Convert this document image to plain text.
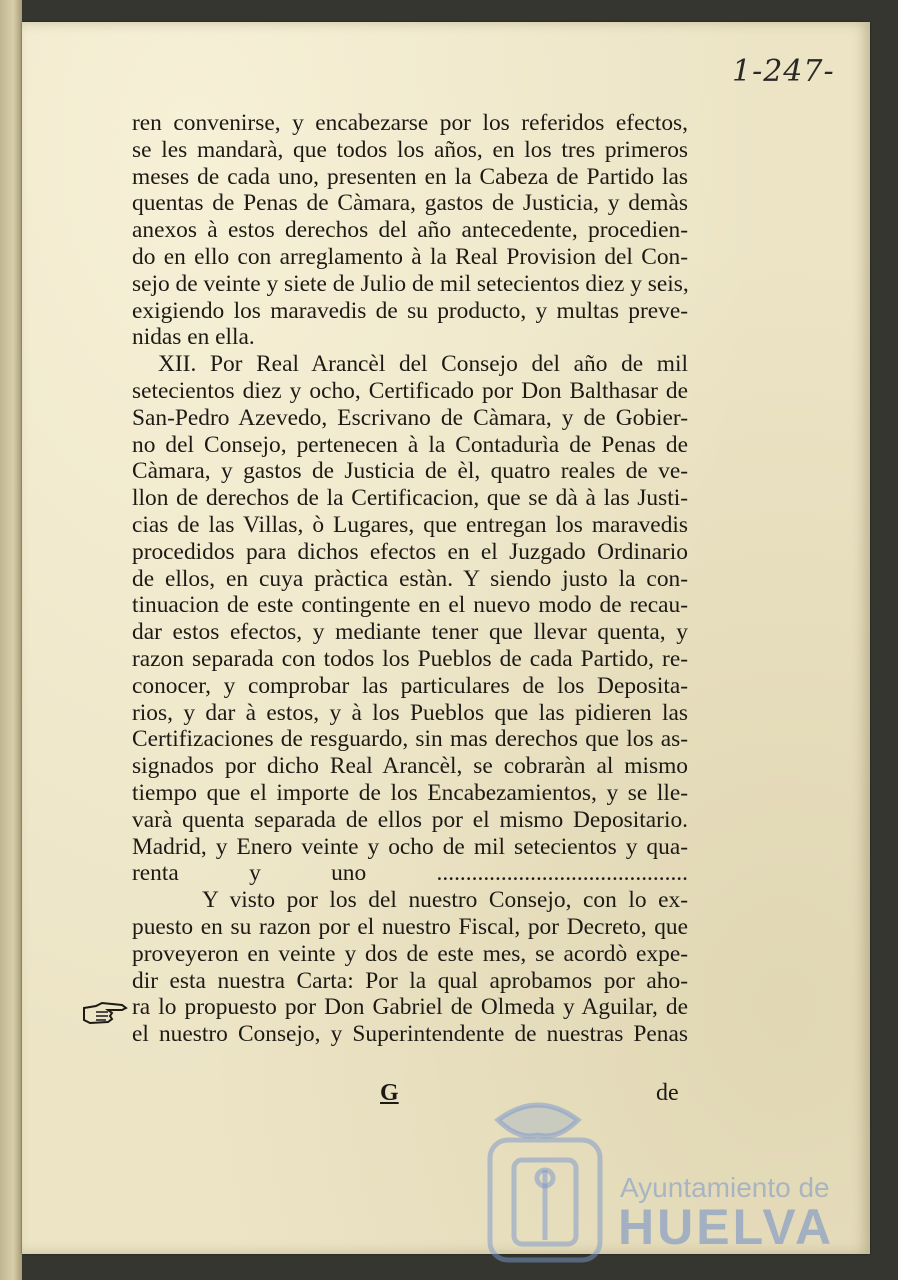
1-247-
ren convenirse, y encabezarse por los referidos efectos,
se les mandarà, que todos los años, en los tres primeros
meses de cada uno, presenten en la Cabeza de Partido las
quentas de Penas de Càmara, gastos de Justicia, y demàs
anexos à estos derechos del año antecedente, procedien-
do en ello con arreglamento à la Real Provision del Con-
sejo de veinte y siete de Julio de mil setecientos diez y seis,
exigiendo los maravedis de su producto, y multas preve-
nidas en ella.
XII. Por Real Arancèl del Consejo del año de mil
setecientos diez y ocho, Certificado por Don Balthasar de
San-Pedro Azevedo, Escrivano de Càmara, y de Gobier-
no del Consejo, pertenecen à la Contadurìa de Penas de
Càmara, y gastos de Justicia de èl, quatro reales de ve-
llon de derechos de la Certificacion, que se dà à las Justi-
cias de las Villas, ò Lugares, que entregan los maravedis
procedidos para dichos efectos en el Juzgado Ordinario
de ellos, en cuya pràctica estàn. Y siendo justo la con-
tinuacion de este contingente en el nuevo modo de recau-
dar estos efectos, y mediante tener que llevar quenta, y
razon separada con todos los Pueblos de cada Partido, re-
conocer, y comprobar las particulares de los Deposita-
rios, y dar à estos, y à los Pueblos que las pidieren las
Certifizaciones de resguardo, sin mas derechos que los as-
signados por dicho Real Arancèl, se cobraràn al mismo
tiempo que el importe de los Encabezamientos, y se lle-
varà quenta separada de ellos por el mismo Depositario.
Madrid, y Enero veinte y ocho de mil setecientos y qua-
renta y uno ...........................................
Y visto por los del nuestro Consejo, con lo ex-
puesto en su razon por el nuestro Fiscal, por Decreto, que
proveyeron en veinte y dos de este mes, se acordò expe-
dir esta nuestra Carta: Por la qual aprobamos por aho-
ra lo propuesto por Don Gabriel de Olmeda y Aguilar, de
el nuestro Consejo, y Superintendente de nuestras Penas
G	de
Ayuntamiento de
HUELVA
